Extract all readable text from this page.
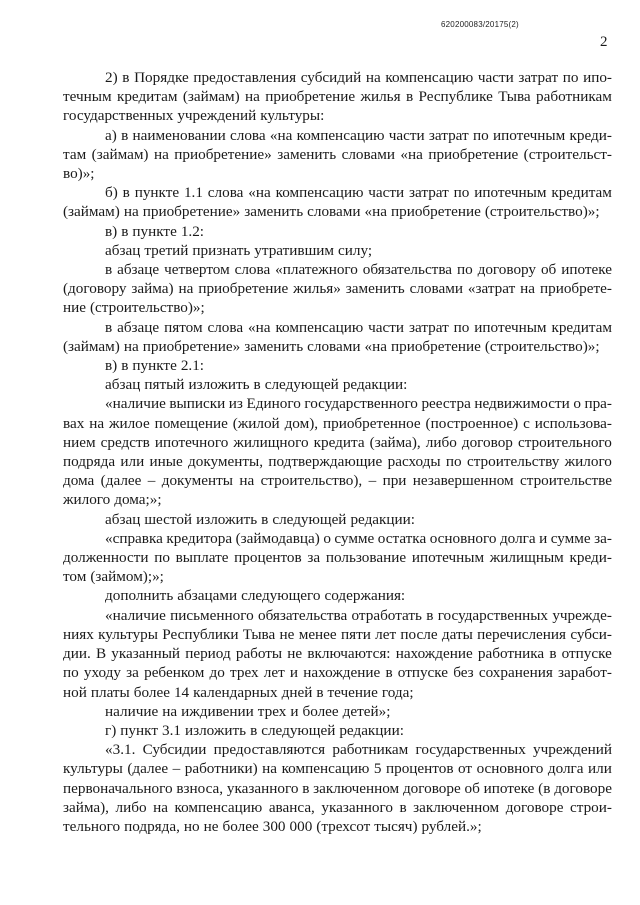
620200083/20175(2)
2
2) в Порядке предоставления субсидий на компенсацию части затрат по ипо-
течным кредитам (займам) на приобретение жилья в Республике Тыва работникам
государственных учреждений культуры:
а) в наименовании слова «на компенсацию части затрат по ипотечным креди-
там (займам) на приобретение» заменить словами «на приобретение (строительст-
во)»;
б) в пункте 1.1 слова «на компенсацию части затрат по ипотечным кредитам
(займам) на приобретение» заменить словами «на приобретение (строительство)»;
в) в пункте 1.2:
абзац третий признать утратившим силу;
в абзаце четвертом слова «платежного обязательства по договору об ипотеке
(договору займа) на приобретение жилья» заменить словами «затрат на приобрете-
ние (строительство)»;
в абзаце пятом слова «на компенсацию части затрат по ипотечным кредитам
(займам) на приобретение» заменить словами «на приобретение (строительство)»;
в) в пункте 2.1:
абзац пятый изложить в следующей редакции:
«наличие выписки из Единого государственного реестра недвижимости о пра-
вах на жилое помещение (жилой дом), приобретенное (построенное) с использова-
нием средств ипотечного жилищного кредита (займа), либо договор строительного
подряда или иные документы, подтверждающие расходы по строительству жилого
дома (далее – документы на строительство), – при незавершенном строительстве
жилого дома;»;
абзац шестой изложить в следующей редакции:
«справка кредитора (займодавца) о сумме остатка основного долга и сумме за-
долженности по выплате процентов за пользование ипотечным жилищным креди-
том (займом);»;
дополнить абзацами следующего содержания:
«наличие письменного обязательства отработать в государственных учрежде-
ниях культуры Республики Тыва не менее пяти лет после даты перечисления субси-
дии. В указанный период работы не включаются: нахождение работника в отпуске
по уходу за ребенком до трех лет и нахождение в отпуске без сохранения заработ-
ной платы более 14 календарных дней в течение года;
наличие на иждивении трех и более детей»;
г) пункт 3.1 изложить в следующей редакции:
«3.1. Субсидии предоставляются работникам государственных учреждений
культуры (далее – работники) на компенсацию 5 процентов от основного долга или
первоначального взноса, указанного в заключенном договоре об ипотеке (в договоре
займа), либо на компенсацию аванса, указанного в заключенном договоре строи-
тельного подряда, но не более 300 000 (трехсот тысяч) рублей.»;
